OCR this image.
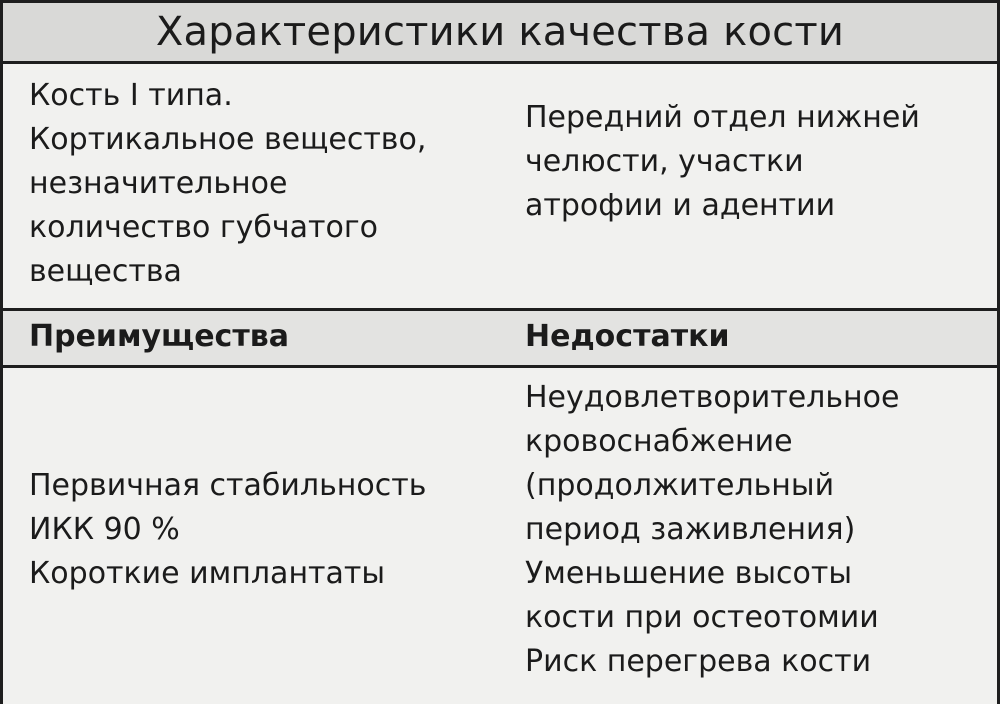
Характеристики качества кости
Кость I типа.
Кортикальное вещество,
незначительное
количество губчатого
вещества
Передний отдел нижней
челюсти, участки
атрофии и адентии
Преимущества	Недостатки
Первичная стабильность
ИКК 90 %
Короткие имплантаты
Неудовлетворительное
кровоснабжение
(продолжительный
период заживления)
Уменьшение высоты
кости при остеотомии
Риск перегрева кости
